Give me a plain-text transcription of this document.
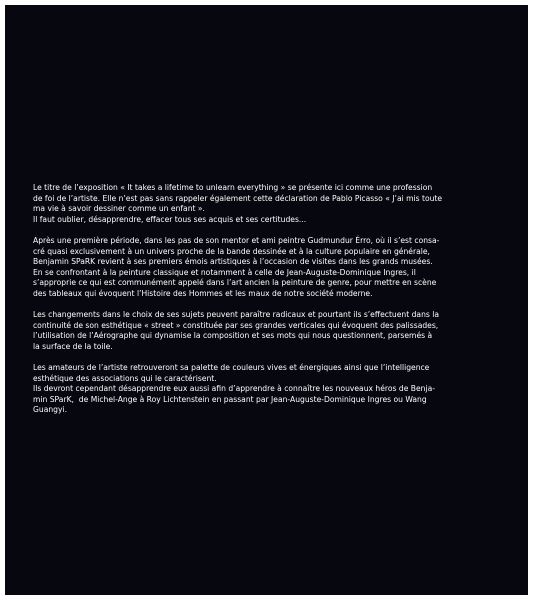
Le titre de l’exposition « It takes a lifetime to unlearn everything » se présente ici comme une profession
de foi de l’artiste. Elle n’est pas sans rappeler également cette déclaration de Pablo Picasso « J’ai mis toute
ma vie à savoir dessiner comme un enfant ».
Il faut oublier, désapprendre, effacer tous ses acquis et ses certitudes...

Après une première période, dans les pas de son mentor et ami peintre Gudmundur Érro, où il s’est consa-
cré quasi exclusivement à un univers proche de la bande dessinée et à la culture populaire en générale,
Benjamin SPaRK revient à ses premiers émois artistiques à l’occasion de visites dans les grands musées.
En se confrontant à la peinture classique et notamment à celle de Jean-Auguste-Dominique Ingres, il
s’approprie ce qui est communément appelé dans l’art ancien la peinture de genre, pour mettre en scène
des tableaux qui évoquent l’Histoire des Hommes et les maux de notre société moderne.

Les changements dans le choix de ses sujets peuvent paraître radicaux et pourtant ils s’effectuent dans la
continuité de son esthétique « street » constituée par ses grandes verticales qui évoquent des palissades,
l’utilisation de l’Aérographe qui dynamise la composition et ses mots qui nous questionnent, parsemés à
la surface de la toile.

Les amateurs de l’artiste retrouveront sa palette de couleurs vives et énergiques ainsi que l’intelligence
esthétique des associations qui le caractérisent.
Ils devront cependant désapprendre eux aussi afin d’apprendre à connaître les nouveaux héros de Benja-
min SParK,  de Michel-Ange à Roy Lichtenstein en passant par Jean-Auguste-Dominique Ingres ou Wang
Guangyi.
